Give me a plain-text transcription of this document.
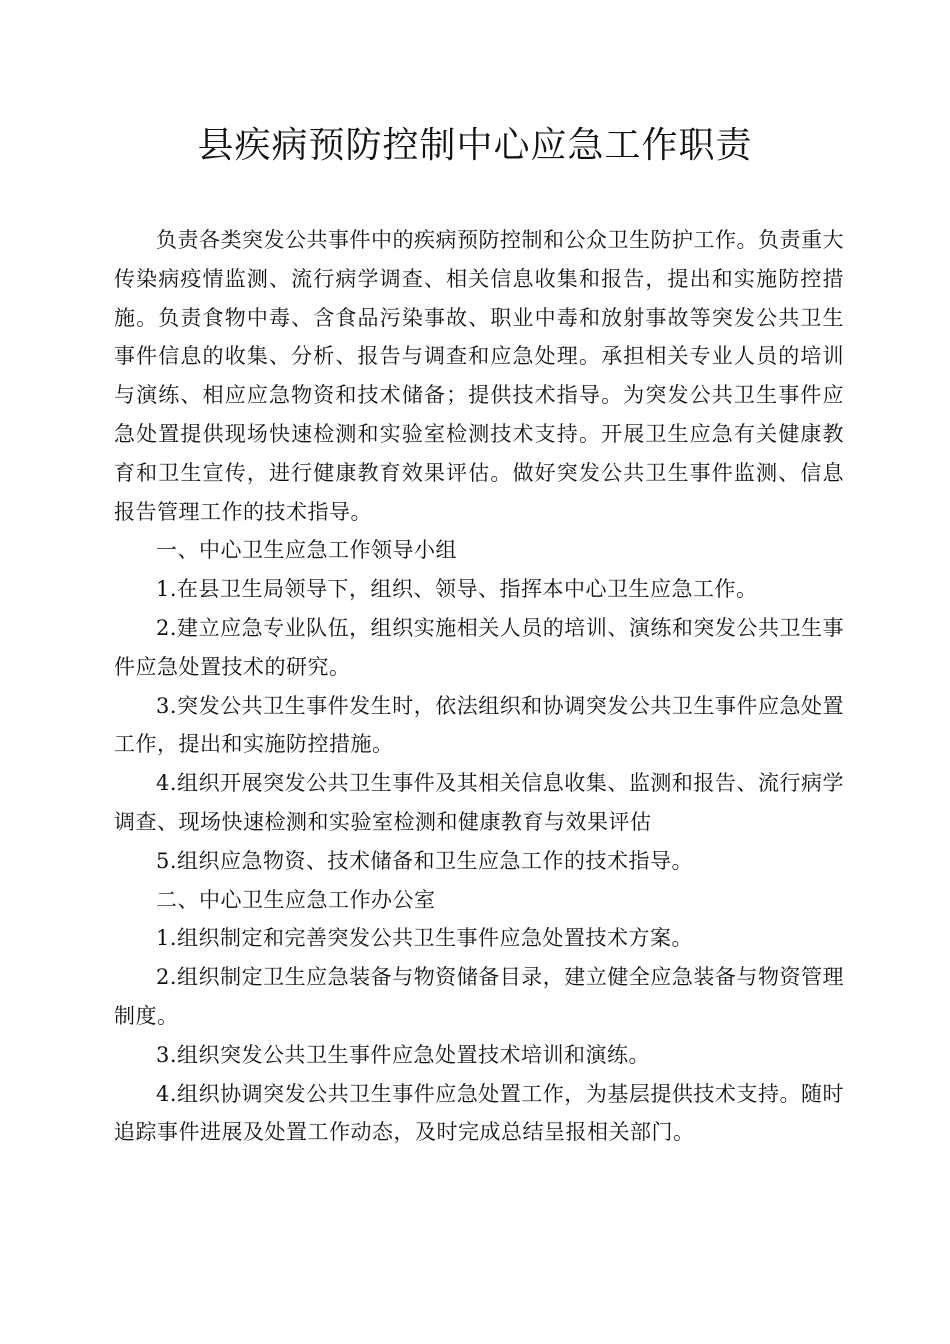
县疾病预防控制中心应急工作职责

负责各类突发公共事件中的疾病预防控制和公众卫生防护工作。负责重大传染病疫情监测、流行病学调查、相关信息收集和报告，提出和实施防控措施。负责食物中毒、含食品污染事故、职业中毒和放射事故等突发公共卫生事件信息的收集、分析、报告与调查和应急处理。承担相关专业人员的培训与演练、相应应急物资和技术储备；提供技术指导。为突发公共卫生事件应急处置提供现场快速检测和实验室检测技术支持。开展卫生应急有关健康教育和卫生宣传，进行健康教育效果评估。做好突发公共卫生事件监测、信息报告管理工作的技术指导。

一、中心卫生应急工作领导小组

1.在县卫生局领导下，组织、领导、指挥本中心卫生应急工作。

2.建立应急专业队伍，组织实施相关人员的培训、演练和突发公共卫生事件应急处置技术的研究。

3.突发公共卫生事件发生时，依法组织和协调突发公共卫生事件应急处置工作，提出和实施防控措施。

4.组织开展突发公共卫生事件及其相关信息收集、监测和报告、流行病学调查、现场快速检测和实验室检测和健康教育与效果评估

5.组织应急物资、技术储备和卫生应急工作的技术指导。

二、中心卫生应急工作办公室

1.组织制定和完善突发公共卫生事件应急处置技术方案。

2.组织制定卫生应急装备与物资储备目录，建立健全应急装备与物资管理制度。

3.组织突发公共卫生事件应急处置技术培训和演练。

4.组织协调突发公共卫生事件应急处置工作，为基层提供技术支持。随时追踪事件进展及处置工作动态，及时完成总结呈报相关部门。
